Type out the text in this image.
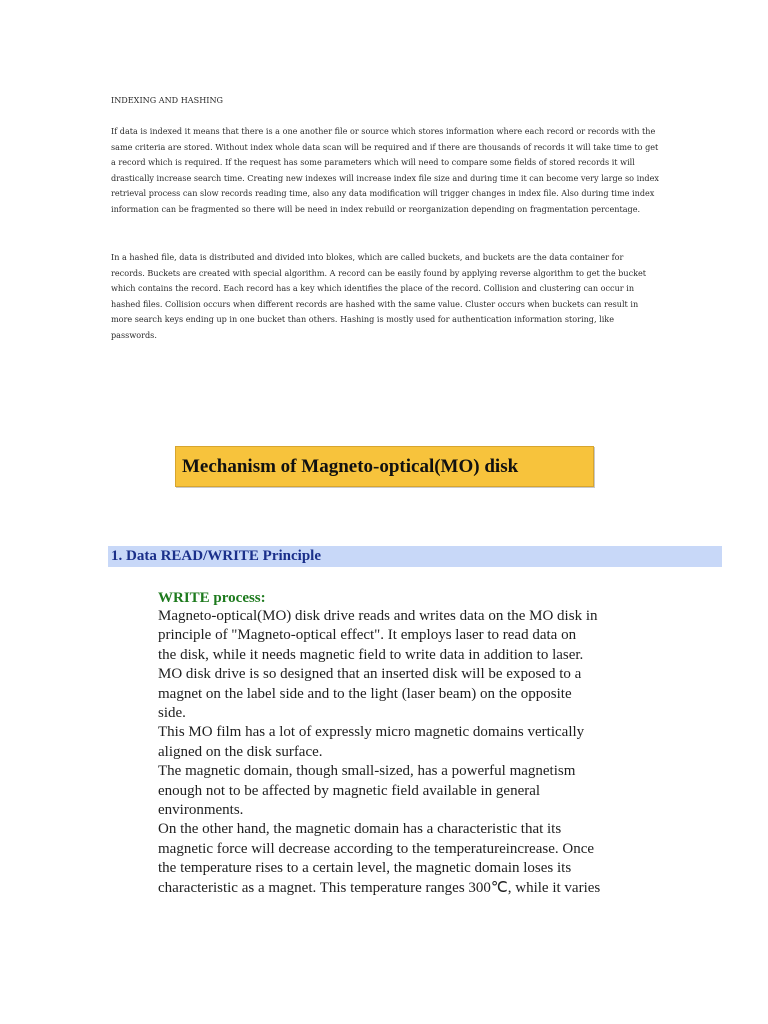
INDEXING AND HASHING

If data is indexed it means that there is a one another file or source which stores information where each record or records with the same criteria are stored. Without index whole data scan will be required and if there are thousands of records it will take time to get a record which is required. If the request has some parameters which will need to compare some fields of stored records it will drastically increase search time. Creating new indexes will increase index file size and during time it can become very large so index retrieval process can slow records reading time, also any data modification will trigger changes in index file. Also during time index information can be fragmented so there will be need in index rebuild or reorganization depending on fragmentation percentage.

In a hashed file, data is distributed and divided into blokes, which are called buckets, and buckets are the data container for records. Buckets are created with special algorithm. A record can be easily found by applying reverse algorithm to get the bucket which contains the record. Each record has a key which identifies the place of the record. Collision and clustering can occur in hashed files. Collision occurs when different records are hashed with the same value. Cluster occurs when buckets can result in more search keys ending up in one bucket than others. Hashing is mostly used for authentication information storing, like passwords.

Mechanism of Magneto-optical(MO) disk
1. Data READ/WRITE Principle
WRITE process:
Magneto-optical(MO) disk drive reads and writes data on the MO disk in
principle of "Magneto-optical effect". It employs laser to read data on
the disk, while it needs magnetic field to write data in addition to laser.
MO disk drive is so designed that an inserted disk will be exposed to a
magnet on the label side and to the light (laser beam) on the opposite
side.
This MO film has a lot of expressly micro magnetic domains vertically
aligned on the disk surface.
The magnetic domain, though small-sized, has a powerful magnetism
enough not to be affected by magnetic field available in general
environments.
On the other hand, the magnetic domain has a characteristic that its
magnetic force will decrease according to the temperatureincrease. Once
the temperature rises to a certain level, the magnetic domain loses its
characteristic as a magnet. This temperature ranges 300℃, while it varies
